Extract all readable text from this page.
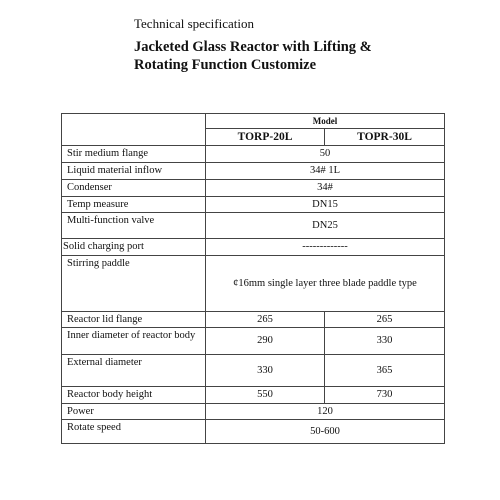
Technical specification
Jacketed Glass Reactor with Lifting &
Rotating Function Customize
	Model	
	TORP-20L	TOPR-30L
Stir medium flange	50	
Liquid material inflow	34# 1L	
Condenser	34#	
Temp measure	DN15	
Multi-function valve	DN25	
Solid charging port	-------------	
Stirring paddle	¢16mm single layer three blade paddle type	
Reactor lid flange	265	265
Inner diameter of reactor body	290	330
External diameter	330	365
Reactor body height	550	730
Power	120	
Rotate speed	50-600	
